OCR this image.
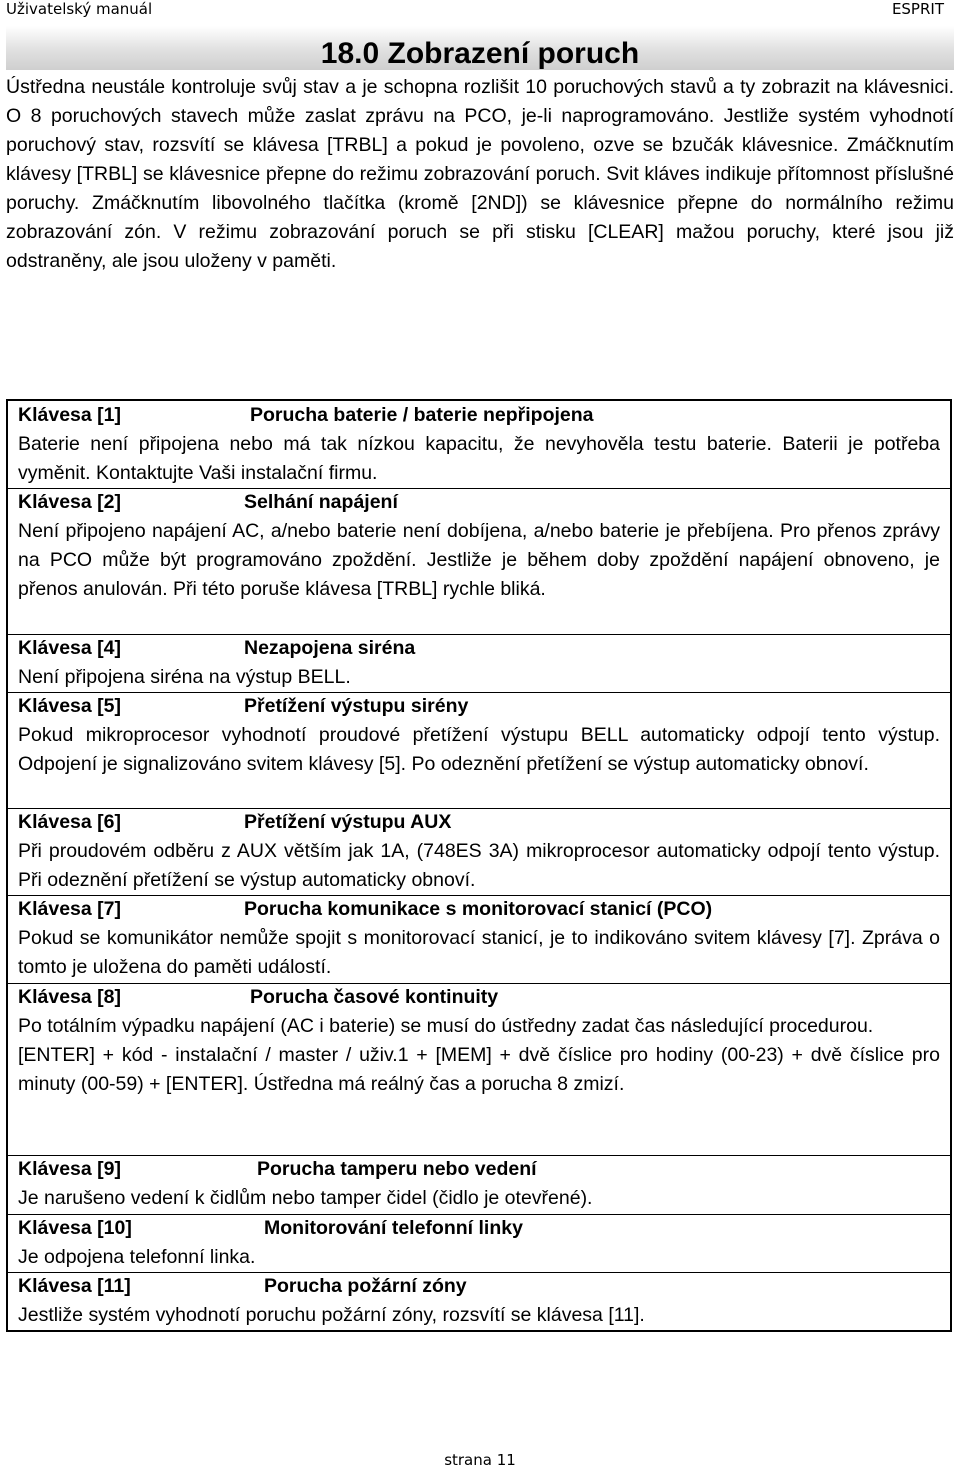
Uživatelský manuál	ESPRIT
18.0 Zobrazení poruch

Ústředna neustále kontroluje svůj stav a je schopna rozlišit 10 poruchových stavů a ty zobrazit na klávesnici. O 8 poruchových stavech může zaslat zprávu na PCO, je-li naprogramováno. Jestliže systém vyhodnotí poruchový stav, rozsvítí se klávesa [TRBL] a pokud je povoleno, ozve se bzučák klávesnice. Zmáčknutím klávesy [TRBL] se klávesnice přepne do režimu zobrazování poruch. Svit kláves indikuje přítomnost příslušné poruchy. Zmáčknutím libovolného tlačítka (kromě [2ND]) se klávesnice přepne do normálního režimu zobrazování zón. V režimu zobrazování poruch se při stisku [CLEAR] mažou poruchy, které jsou již odstraněny, ale jsou uloženy v paměti.

Klávesa [1]	Porucha baterie / baterie nepřipojena

Baterie není připojena nebo má tak nízkou kapacitu, že nevyhověla testu baterie. Baterii je potřeba vyměnit. Kontaktujte Vaši instalační firmu.

Klávesa [2]	Selhání napájení

Není připojeno napájení AC, a/nebo baterie není dobíjena, a/nebo baterie je přebíjena. Pro přenos zprávy na PCO může být programováno zpoždění. Jestliže je během doby zpoždění napájení obnoveno, je přenos anulován. Při této poruše klávesa [TRBL] rychle bliká.

Klávesa [4]	Nezapojena siréna

Není připojena siréna na výstup BELL.

Klávesa [5]	Přetížení výstupu sirény

Pokud mikroprocesor vyhodnotí proudové přetížení výstupu BELL automaticky odpojí tento výstup. Odpojení je signalizováno svitem klávesy [5]. Po odeznění přetížení se výstup automaticky obnoví.

Klávesa [6]	Přetížení výstupu AUX

Při proudovém odběru z AUX větším jak 1A, (748ES 3A) mikroprocesor automaticky odpojí tento výstup. Při odeznění přetížení se výstup automaticky obnoví.

Klávesa [7]	Porucha komunikace s monitorovací stanicí (PCO)

Pokud se komunikátor nemůže spojit s monitorovací stanicí, je to indikováno svitem klávesy [7]. Zpráva o tomto je uložena do paměti událostí.

Klávesa [8]	Porucha časové kontinuity

Po totálním výpadku napájení (AC i baterie) se musí do ústředny zadat čas následující procedurou.

[ENTER] + kód - instalační / master / uživ.1 + [MEM] + dvě číslice pro hodiny (00-23) + dvě číslice pro minuty (00-59) + [ENTER]. Ústředna má reálný čas a porucha 8 zmizí.

Klávesa [9]	Porucha tamperu nebo vedení

Je narušeno vedení k čidlům nebo tamper čidel (čidlo je otevřené).

Klávesa [10]	Monitorování telefonní linky

Je odpojena telefonní linka.

Klávesa [11]	Porucha požární zóny

Jestliže systém vyhodnotí poruchu požární zóny, rozsvítí se klávesa [11].

strana 11
